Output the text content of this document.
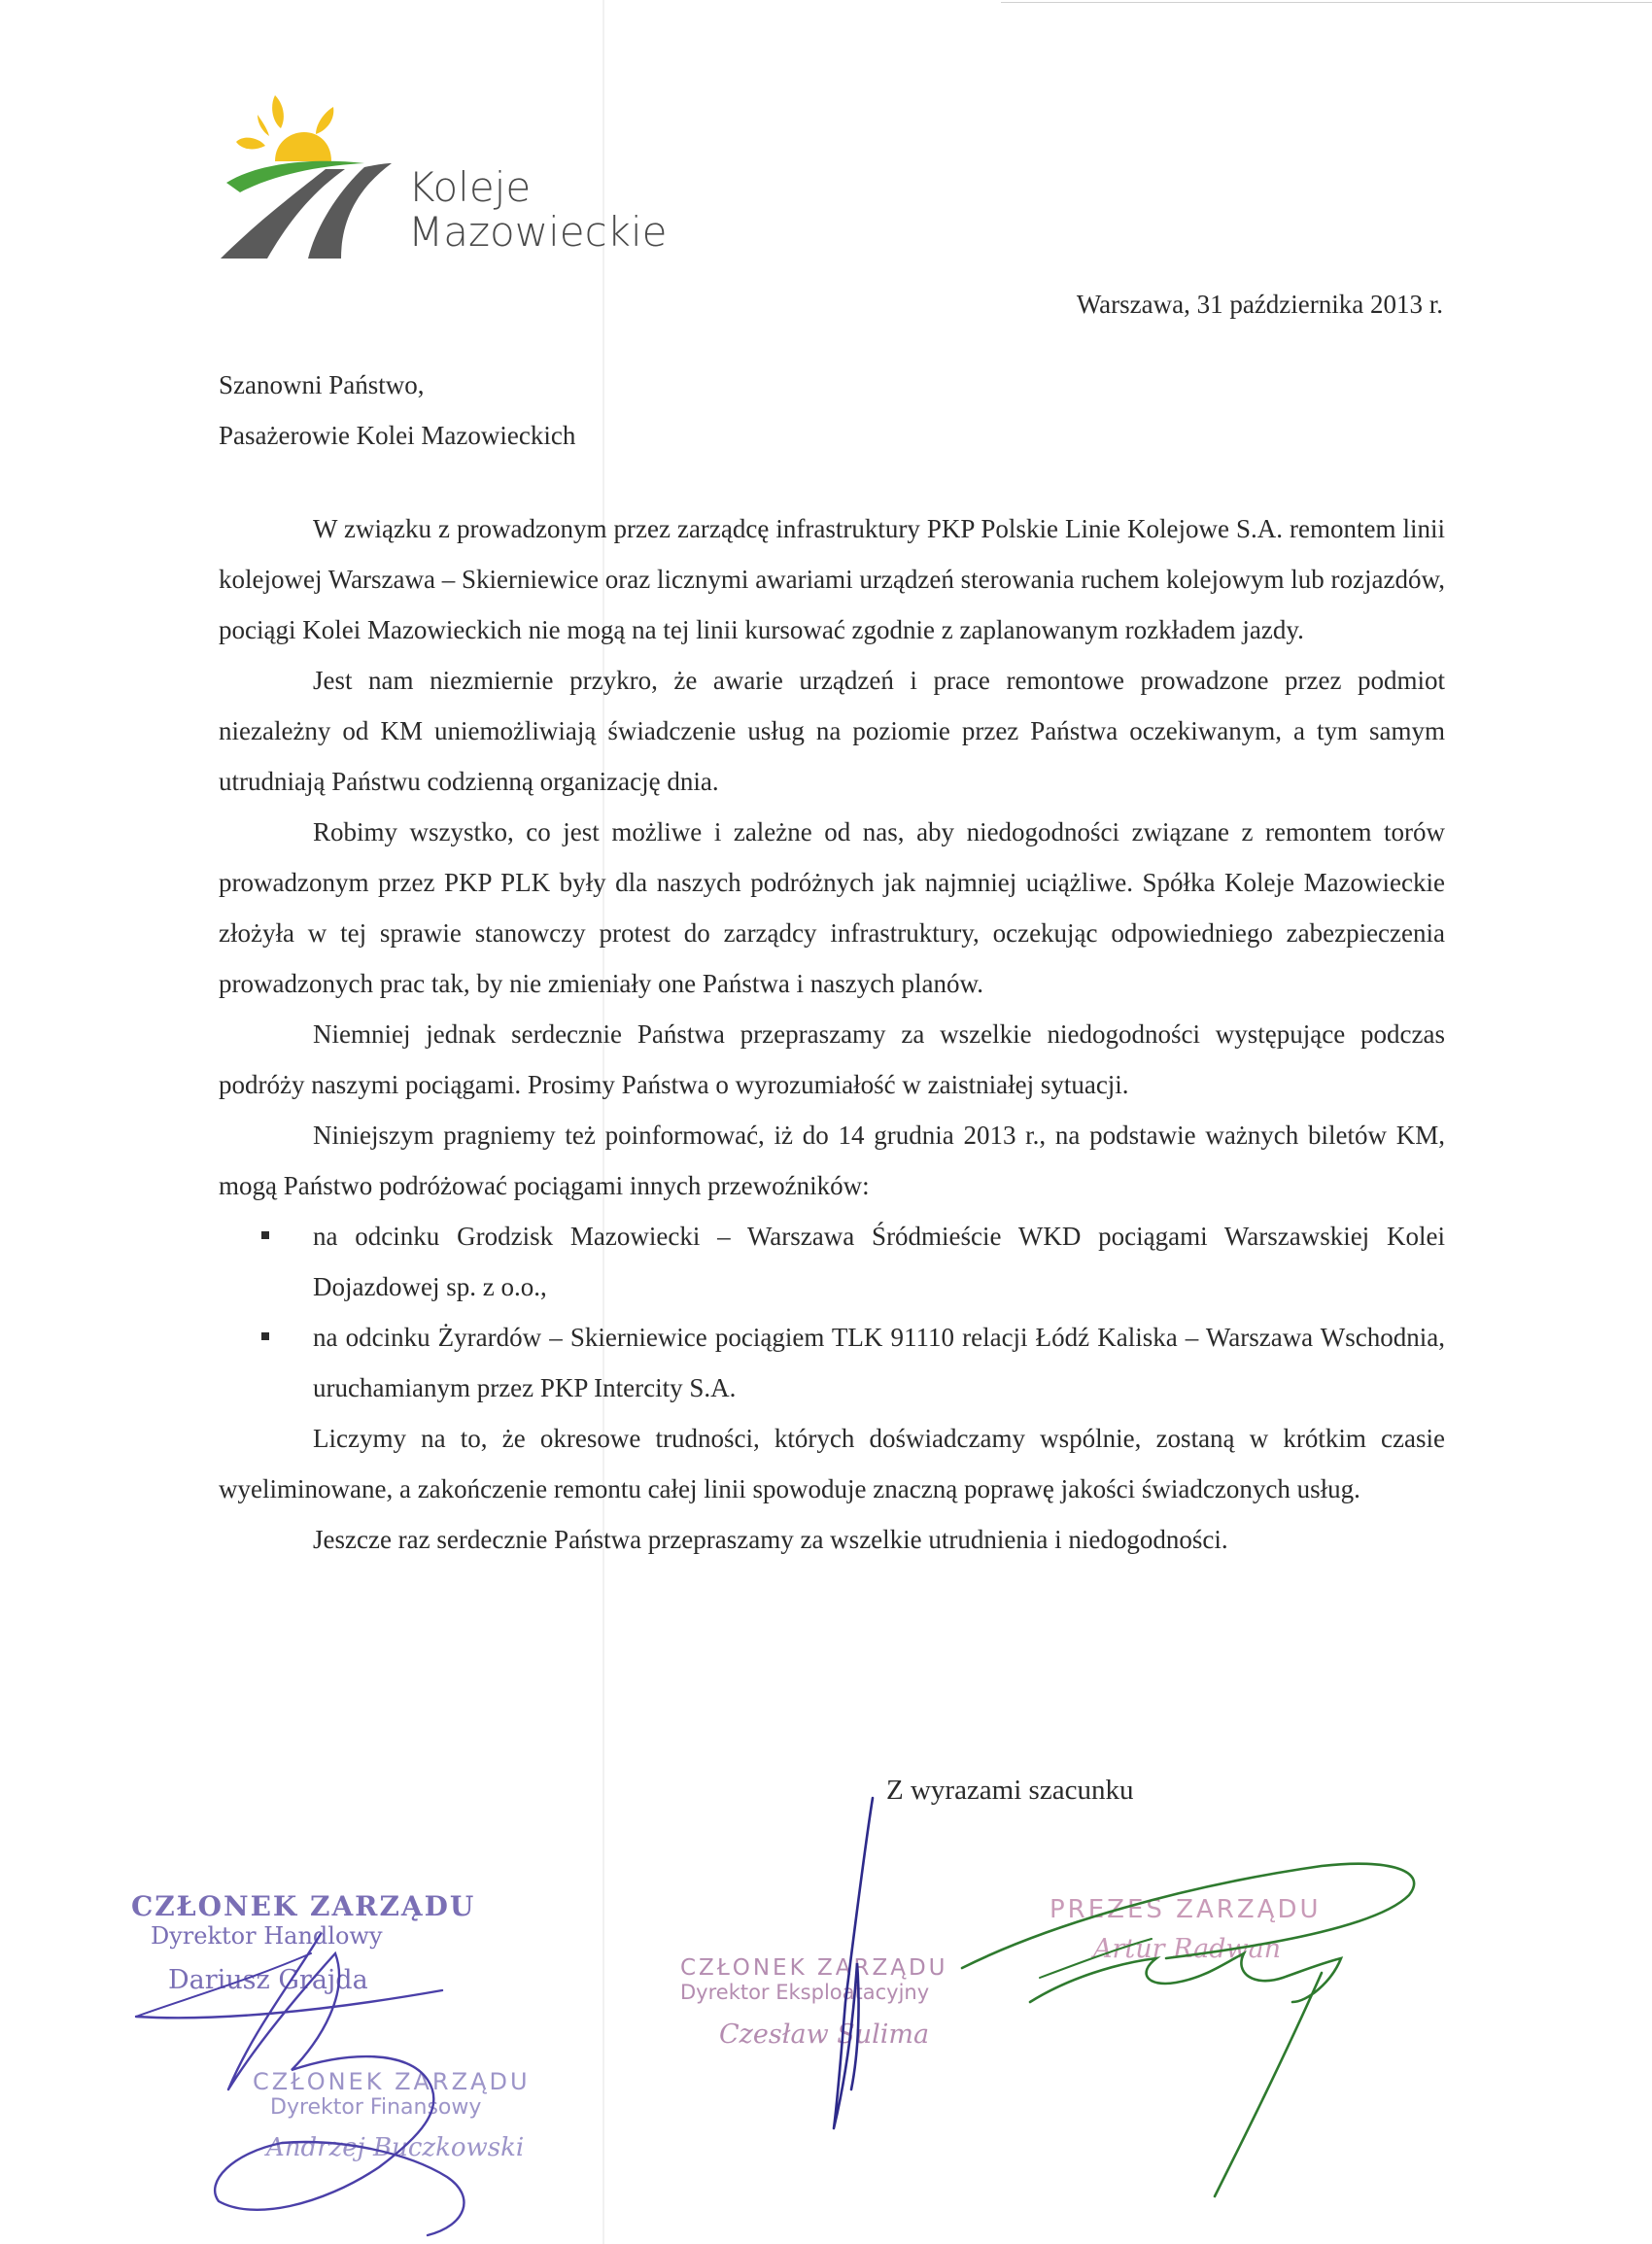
Koleje
Mazowieckie
Warszawa, 31 października 2013 r.
Szanowni Państwo,
Pasażerowie Kolei Mazowieckich

W związku z prowadzonym przez zarządcę infrastruktury PKP Polskie Linie Kolejowe S.A. remontem linii kolejowej Warszawa – Skierniewice oraz licznymi awariami urządzeń sterowania ruchem kolejowym lub rozjazdów, pociągi Kolei Mazowieckich nie mogą na tej linii kursować zgodnie z zaplanowanym rozkładem jazdy.

Jest nam niezmiernie przykro, że awarie urządzeń i prace remontowe prowadzone przez podmiot niezależny od KM uniemożliwiają świadczenie usług na poziomie przez Państwa oczekiwanym, a tym samym utrudniają Państwu codzienną organizację dnia.

Robimy wszystko, co jest możliwe i zależne od nas, aby niedogodności związane z remontem torów prowadzonym przez PKP PLK były dla naszych podróżnych jak najmniej uciążliwe. Spółka Koleje Mazowieckie złożyła w tej sprawie stanowczy protest do zarządcy infrastruktury, oczekując odpowiedniego zabezpieczenia prowadzonych prac tak, by nie zmieniały one Państwa i naszych planów.

Niemniej jednak serdecznie Państwa przepraszamy za wszelkie niedogodności występujące podczas podróży naszymi pociągami. Prosimy Państwa o wyrozumiałość w zaistniałej sytuacji.

Niniejszym pragniemy też poinformować, iż do 14 grudnia 2013 r., na podstawie ważnych biletów KM, mogą Państwo podróżować pociągami innych przewoźników:

na odcinku Grodzisk Mazowiecki – Warszawa Śródmieście WKD pociągami Warszawskiej Kolei Dojazdowej sp. z o.o.,
na odcinku Żyrardów – Skierniewice pociągiem TLK 91110 relacji Łódź Kaliska – Warszawa Wschodnia, uruchamianym przez PKP Intercity S.A.

Liczymy na to, że okresowe trudności, których doświadczamy wspólnie, zostaną w krótkim czasie wyeliminowane, a zakończenie remontu całej linii spowoduje znaczną poprawę jakości świadczonych usług.

Jeszcze raz serdecznie Państwa przepraszamy za wszelkie utrudnienia i niedogodności.

Z wyrazami szacunku
CZŁONEK ZARZĄDU
Dyrektor Handlowy
Dariusz Grajda
CZŁONEK ZARZĄDU
Dyrektor Finansowy
Andrzej Buczkowski
CZŁONEK ZARZĄDU
Dyrektor Eksploatacyjny
Czesław Sulima
PREZES ZARZĄDU
Artur Radwan
